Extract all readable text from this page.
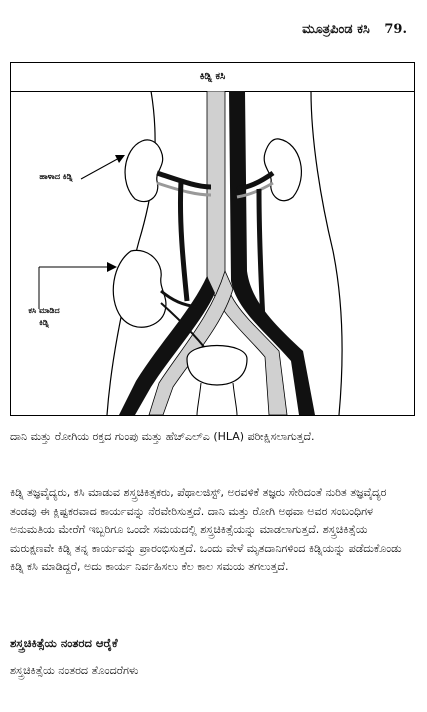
ಮೂತ್ರಪಿಂಡ ಕಸಿ 79.
ಕಿಡ್ನಿ ಕಸಿ
ಹಾಳಾದ ಕಿಡ್ನಿ
ಕಸಿ ಮಾಡಿದ
ಕಿಡ್ನಿ
ದಾನಿ ಮತ್ತು ರೋಗಿಯ ರಕ್ತದ ಗುಂಪು ಮತ್ತು ಹೆಚ್‌ಎಲ್‌ಎ (HLA) ಪರೀಕ್ಷಿಸಲಾಗುತ್ತದೆ.
ಕಿಡ್ನಿ ತಜ್ಞವೈದ್ಯರು, ಕಸಿ ಮಾಡುವ ಶಸ್ತ್ರಚಿಕಿತ್ಸಕರು, ಪೆಥಾಲಜಿಸ್ಟ್, ಅರವಳಿಕೆ ತಜ್ಞರು ಸೇರಿದಂತೆ ನುರಿತ ತಜ್ಞವೈದ್ಯರ ತಂಡವು ಈ ಕ್ಲಿಷ್ಟಕರವಾದ ಕಾರ್ಯವನ್ನು ನೆರವೇರಿಸುತ್ತದೆ. ದಾನಿ ಮತ್ತು ರೋಗಿ ಅಥವಾ ಅವರ ಸಂಬಂಧಿಗಳ ಅನುಮತಿಯ ಮೇರೆಗೆ ಇಬ್ಬರಿಗೂ ಒಂದೇ ಸಮಯದಲ್ಲಿ ಶಸ್ತ್ರಚಿಕಿತ್ಸೆಯನ್ನು ಮಾಡಲಾಗುತ್ತದೆ. ಶಸ್ತ್ರಚಿಕಿತ್ಸೆಯ ಮರುಕ್ಷಣವೇ ಕಿಡ್ನಿ ತನ್ನ ಕಾರ್ಯವನ್ನು ಪ್ರಾರಂಭಿಸುತ್ತದೆ. ಒಂದು ವೇಳೆ ಮೃತದಾನಿಗಳಿಂದ ಕಿಡ್ನಿಯನ್ನು ಪಡೆದುಕೊಂಡು ಕಿಡ್ನಿ ಕಸಿ ಮಾಡಿದ್ದರೆ, ಅದು ಕಾರ್ಯ ನಿರ್ವಹಿಸಲು ಕೆಲ ಕಾಲ ಸಮಯ ತಗಲುತ್ತದೆ.
ಶಸ್ತ್ರಚಿಕಿತ್ಸೆಯ ನಂತರದ ಆರೈಕೆ
ಶಸ್ತ್ರಚಿಕಿತ್ಸೆಯ ನಂತರದ ತೊಂದರೆಗಳು
